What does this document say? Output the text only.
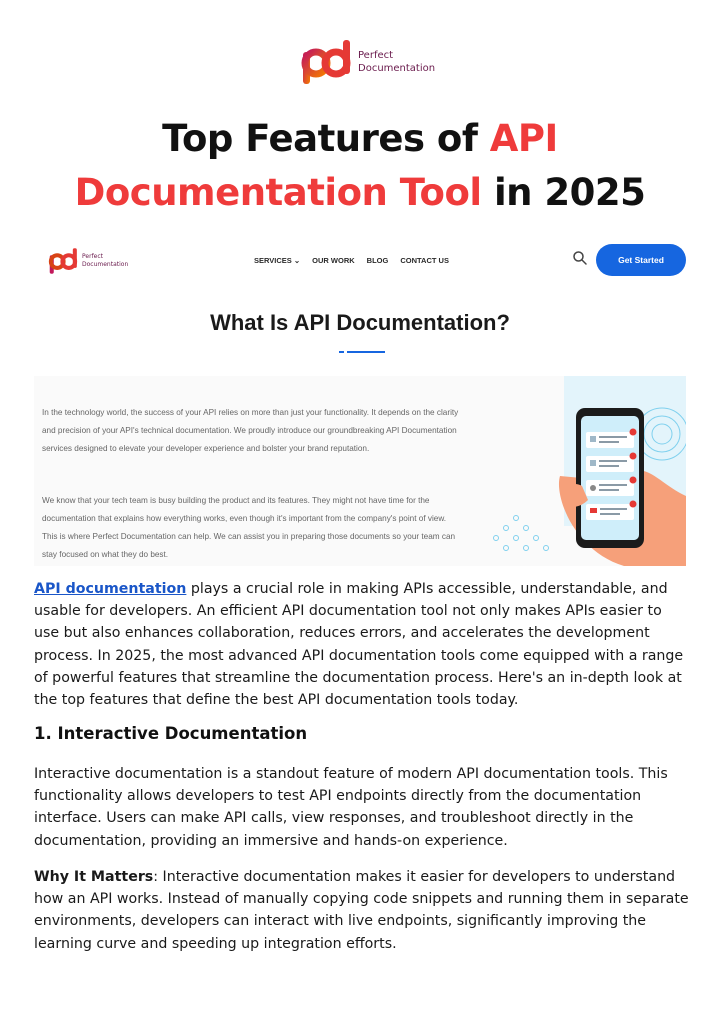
Perfect
Documentation
Top Features of API
Documentation Tool in 2025
Perfect
Documentation	SERVICES ⌄ OUR WORK BLOG CONTACT US	Get Started
What Is API Documentation?

In the technology world, the success of your API relies on more than just your functionality. It depends on the clarity and precision of your API's technical documentation. We proudly introduce our groundbreaking API Documentation services designed to elevate your developer experience and bolster your brand reputation.

We know that your tech team is busy building the product and its features. They might not have time for the documentation that explains how everything works, even though it's important from the company's point of view. This is where Perfect Documentation can help. We can assist you in preparing those documents so your team can stay focused on what they do best.

API documentation plays a crucial role in making APIs accessible, understandable, and usable for developers. An efficient API documentation tool not only makes APIs easier to use but also enhances collaboration, reduces errors, and accelerates the development process. In 2025, the most advanced API documentation tools come equipped with a range of powerful features that streamline the documentation process. Here's an in-depth look at the top features that define the best API documentation tools today.

1. Interactive Documentation

Interactive documentation is a standout feature of modern API documentation tools. This functionality allows developers to test API endpoints directly from the documentation interface. Users can make API calls, view responses, and troubleshoot directly in the documentation, providing an immersive and hands-on experience.

Why It Matters: Interactive documentation makes it easier for developers to understand how an API works. Instead of manually copying code snippets and running them in separate environments, developers can interact with live endpoints, significantly improving the learning curve and speeding up integration efforts.
